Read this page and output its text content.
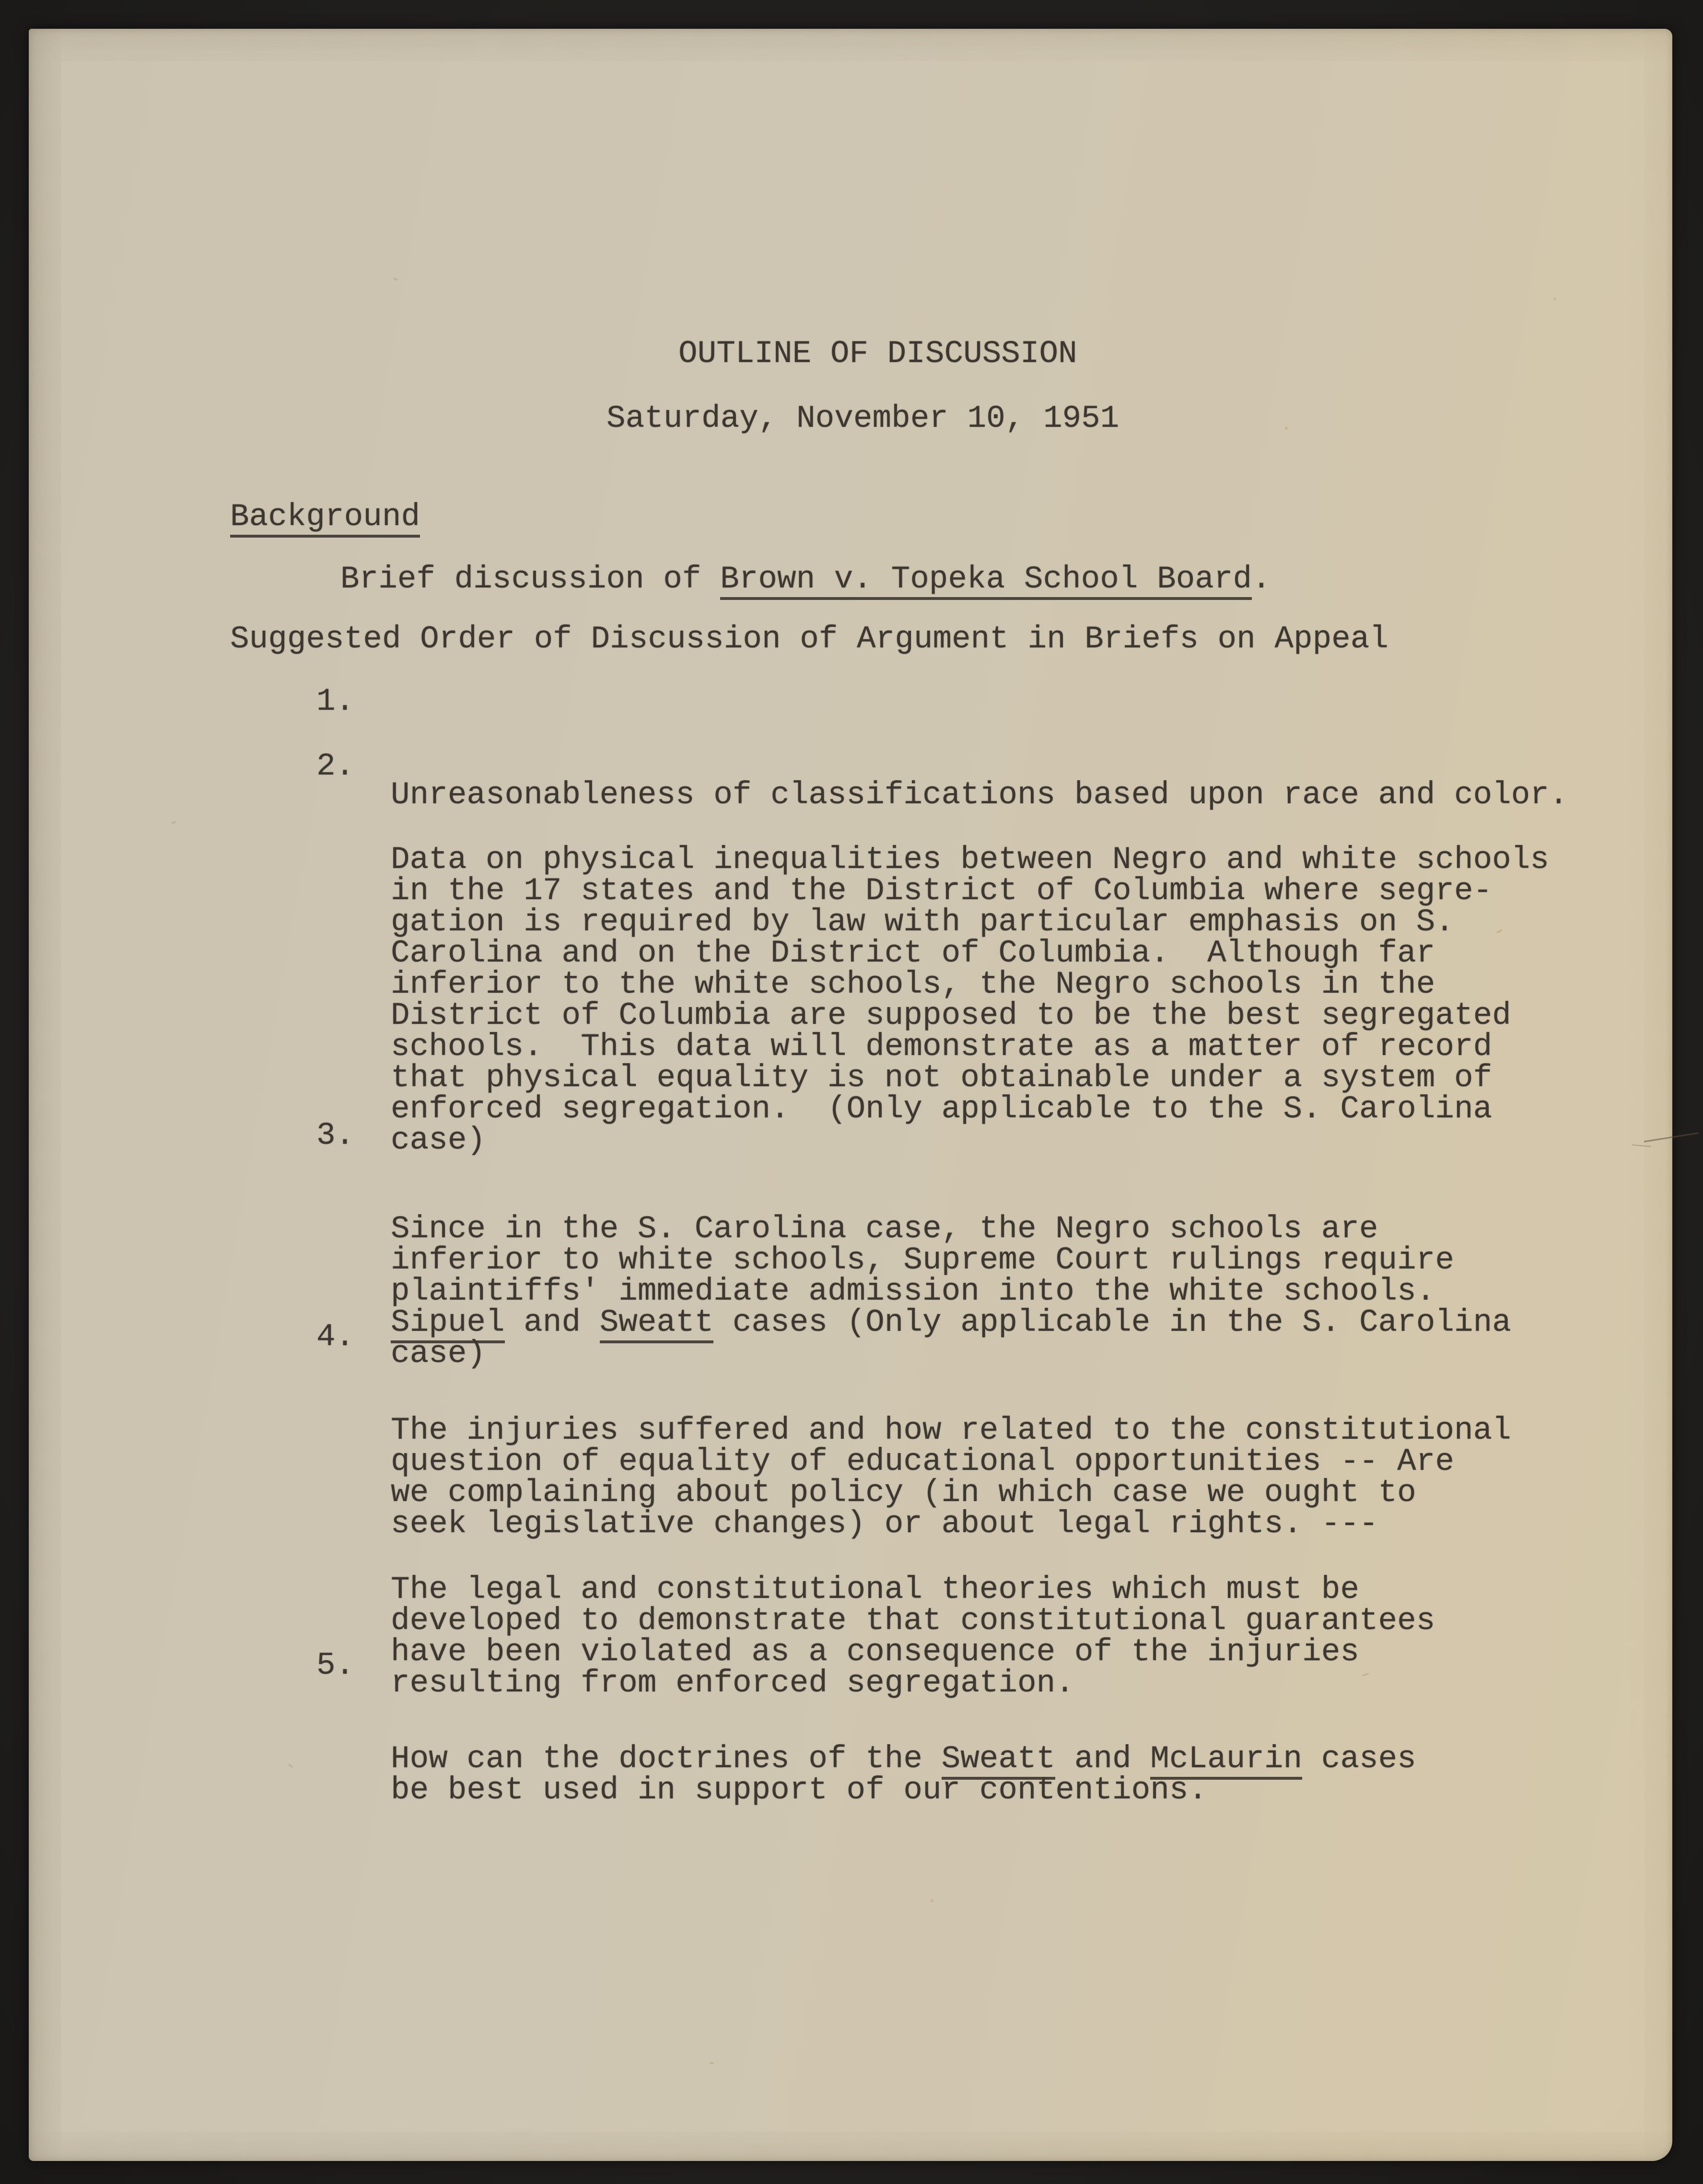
OUTLINE OF DISCUSSION
Saturday, November 10, 1951
Background
Brief discussion of Brown v. Topeka School Board.
Suggested Order of Discussion of Argument in Briefs on Appeal

1.

Unreasonableness of classifications based upon race and color.

2.

Data on physical inequalities between Negro and white schools
in the 17 states and the District of Columbia where segre-
gation is required by law with particular emphasis on S.
Carolina and on the District of Columbia.  Although far
inferior to the white schools, the Negro schools in the
District of Columbia are supposed to be the best segregated
schools.  This data will demonstrate as a matter of record
that physical equality is not obtainable under a system of
enforced segregation.  (Only applicable to the S. Carolina
case)

3.

Since in the S. Carolina case, the Negro schools are
inferior to white schools, Supreme Court rulings require
plaintiffs' immediate admission into the white schools.
Sipuel and Sweatt cases (Only applicable in the S. Carolina
case)

4.

The injuries suffered and how related to the constitutional
question of equality of educational opportunities -- Are
we complaining about policy (in which case we ought to
seek legislative changes) or about legal rights. ---
The legal and constitutional theories which must be
developed to demonstrate that constitutional guarantees
have been violated as a consequence of the injuries
resulting from enforced segregation.

5.

How can the doctrines of the Sweatt and McLaurin cases
be best used in support of our contentions.
